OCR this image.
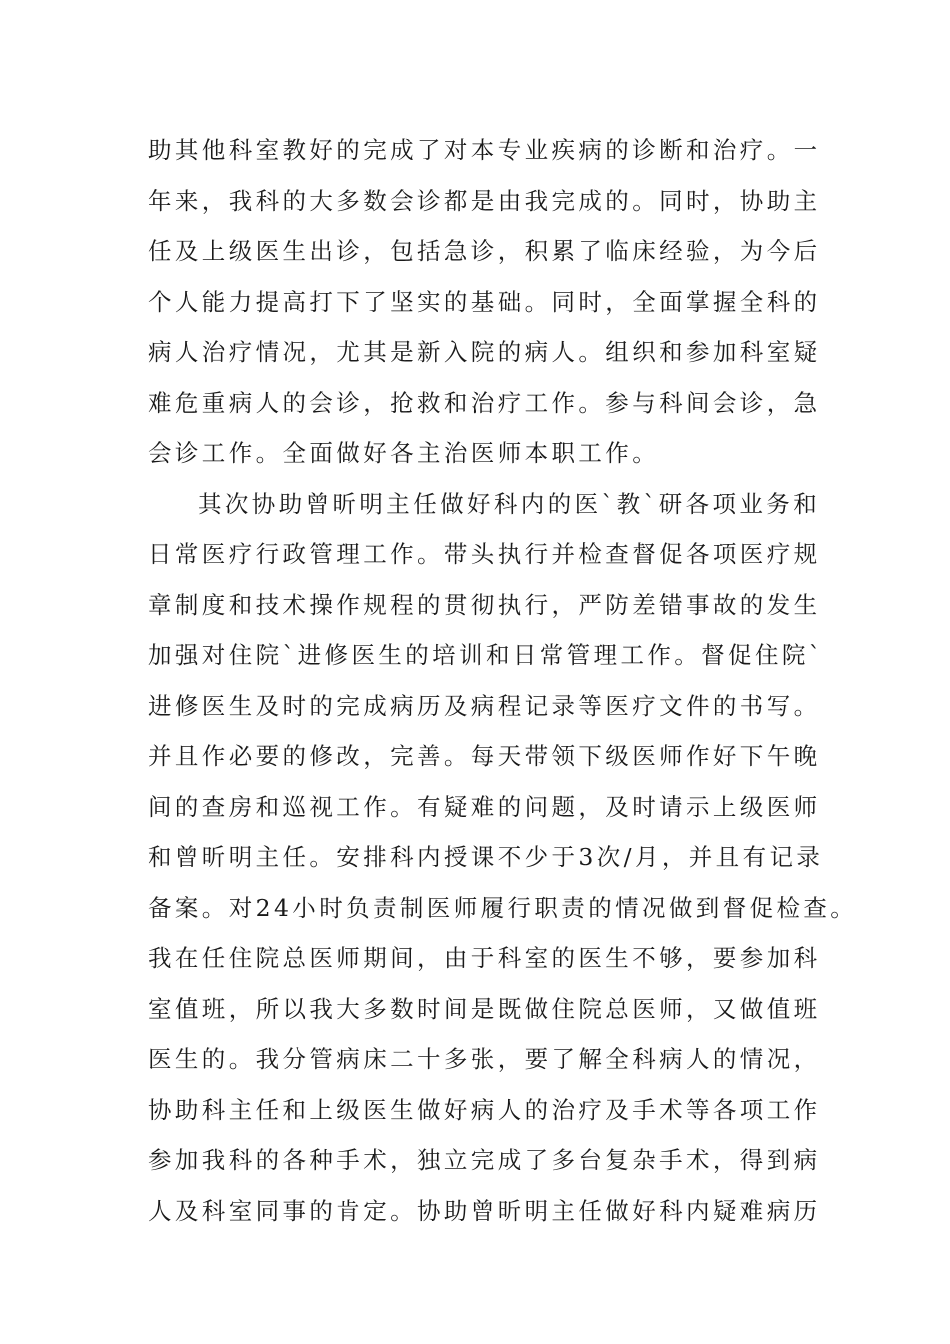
助其他科室教好的完成了对本专业疾病的诊断和治疗。一
年来，我科的大多数会诊都是由我完成的。同时，协助主
任及上级医生出诊，包括急诊，积累了临床经验，为今后
个人能力提高打下了坚实的基础。同时，全面掌握全科的
病人治疗情况，尤其是新入院的病人。组织和参加科室疑
难危重病人的会诊，抢救和治疗工作。参与科间会诊，急
会诊工作。全面做好各主治医师本职工作。
其次协助曾昕明主任做好科内的医`教`研各项业务和
日常医疗行政管理工作。带头执行并检查督促各项医疗规
章制度和技术操作规程的贯彻执行，严防差错事故的发生
加强对住院`进修医生的培训和日常管理工作。督促住院`
进修医生及时的完成病历及病程记录等医疗文件的书写。
并且作必要的修改，完善。每天带领下级医师作好下午晚
间的查房和巡视工作。有疑难的问题，及时请示上级医师
和曾昕明主任。安排科内授课不少于3次/月，并且有记录
备案。对24小时负责制医师履行职责的情况做到督促检查。
我在任住院总医师期间，由于科室的医生不够，要参加科
室值班，所以我大多数时间是既做住院总医师，又做值班
医生的。我分管病床二十多张，要了解全科病人的情况，
协助科主任和上级医生做好病人的治疗及手术等各项工作
参加我科的各种手术，独立完成了多台复杂手术，得到病
人及科室同事的肯定。协助曾昕明主任做好科内疑难病历
